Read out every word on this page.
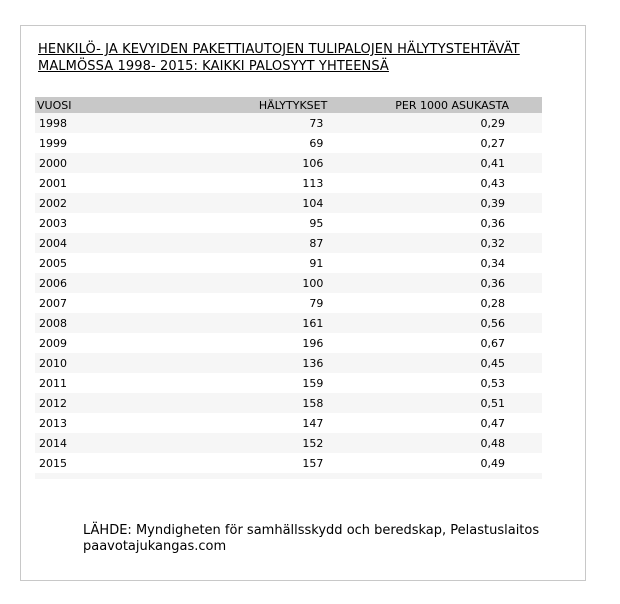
HENKILÖ- JA KEVYIDEN PAKETTIAUTOJEN TULIPALOJEN HÄLYTYSTEHTÄVÄT
MALMÖSSA 1998- 2015: KAIKKI PALOSYYT YHTEENSÄ
VUOSI	HÄLYTYKSET	PER 1000 ASUKASTA
1998	73	0,29
1999	69	0,27
2000	106	0,41
2001	113	0,43
2002	104	0,39
2003	95	0,36
2004	87	0,32
2005	91	0,34
2006	100	0,36
2007	79	0,28
2008	161	0,56
2009	196	0,67
2010	136	0,45
2011	159	0,53
2012	158	0,51
2013	147	0,47
2014	152	0,48
2015	157	0,49

LÄHDE: Myndigheten för samhällsskydd och beredskap, Pelastuslaitos
paavotajukangas.com
